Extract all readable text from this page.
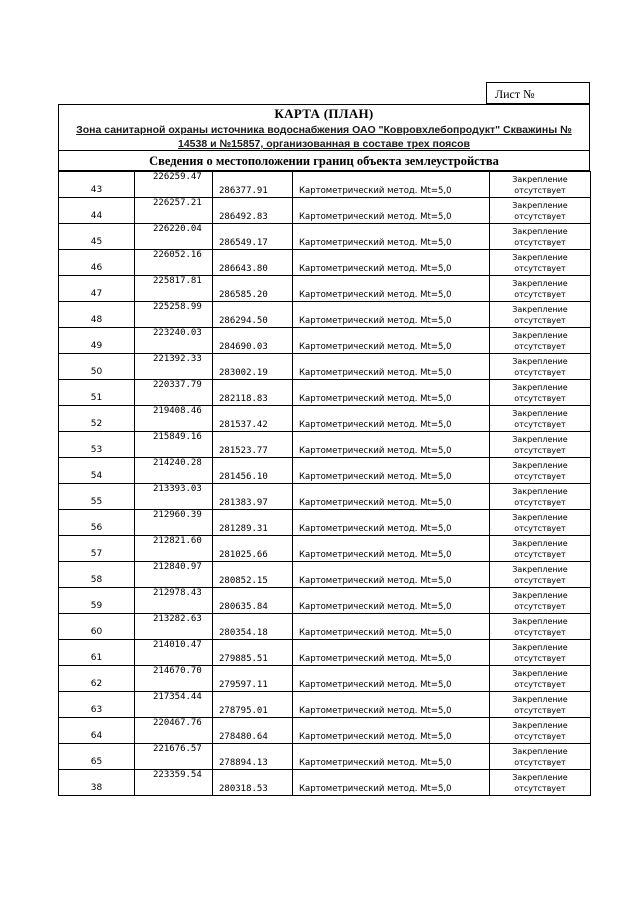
Лист №
КАРТА (ПЛАН)
Зона санитарной охраны источника водоснабжения ОАО "Ковровхлебопродукт" Скважины № 14538 и №15857, организованная в составе трех поясов
Сведения о местоположении границ объекта землеустройства
43	226259.47	286377.91	Картометрический метод. Mt=5,0	Закрепление отсутствует
44	226257.21	286492.83	Картометрический метод. Mt=5,0	Закрепление отсутствует
45	226220.04	286549.17	Картометрический метод. Mt=5,0	Закрепление отсутствует
46	226052.16	286643.80	Картометрический метод. Mt=5,0	Закрепление отсутствует
47	225817.81	286585.20	Картометрический метод. Mt=5,0	Закрепление отсутствует
48	225258.99	286294.50	Картометрический метод. Mt=5,0	Закрепление отсутствует
49	223240.03	284690.03	Картометрический метод. Mt=5,0	Закрепление отсутствует
50	221392.33	283002.19	Картометрический метод. Mt=5,0	Закрепление отсутствует
51	220337.79	282118.83	Картометрический метод. Mt=5,0	Закрепление отсутствует
52	219408.46	281537.42	Картометрический метод. Mt=5,0	Закрепление отсутствует
53	215849.16	281523.77	Картометрический метод. Mt=5,0	Закрепление отсутствует
54	214240.28	281456.10	Картометрический метод. Mt=5,0	Закрепление отсутствует
55	213393.03	281383.97	Картометрический метод. Mt=5,0	Закрепление отсутствует
56	212960.39	281289.31	Картометрический метод. Mt=5,0	Закрепление отсутствует
57	212821.60	281025.66	Картометрический метод. Mt=5,0	Закрепление отсутствует
58	212840.97	280852.15	Картометрический метод. Mt=5,0	Закрепление отсутствует
59	212978.43	280635.84	Картометрический метод. Mt=5,0	Закрепление отсутствует
60	213282.63	280354.18	Картометрический метод. Mt=5,0	Закрепление отсутствует
61	214010.47	279885.51	Картометрический метод. Mt=5,0	Закрепление отсутствует
62	214670.70	279597.11	Картометрический метод. Mt=5,0	Закрепление отсутствует
63	217354.44	278795.01	Картометрический метод. Mt=5,0	Закрепление отсутствует
64	220467.76	278480.64	Картометрический метод. Mt=5,0	Закрепление отсутствует
65	221676.57	278894.13	Картометрический метод. Mt=5,0	Закрепление отсутствует
38	223359.54	280318.53	Картометрический метод. Mt=5,0	Закрепление отсутствует
